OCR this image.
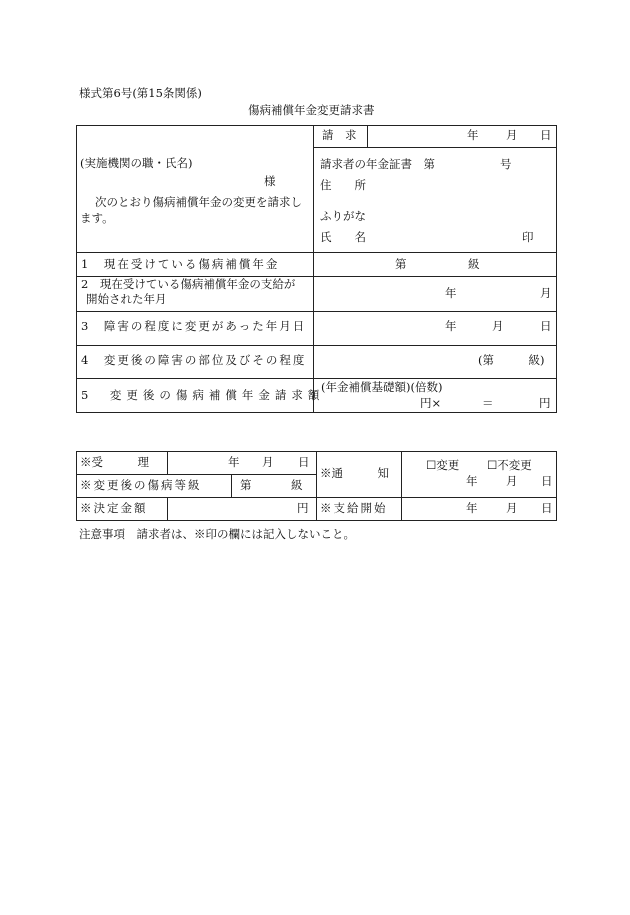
様式第6号(第15条関係)
傷病補償年金変更請求書
(実施機関の職・氏名)
様
次のとおり傷病補償年金の変更を請求し
ます。
請　求	年 月 日
請求者の年金証書　第	号
住　　所
ふりがな
氏　　名	印
1　現在受けている傷病補償年金	第	級
2　現在受けている傷病補償年金の支給が
開始された年月	年	月
3　障害の程度に変更があった年月日	年	月	日
4　変更後の障害の部位及びその程度	(第　　　級)
5　変更後の傷病補償年金請求額
(年金補償基礎額)(倍数)
円×	＝	円
※受　　　理	年 月 日
※変更後の傷病等級	第	級
※決定金額	円
※通　　　知
☐変更 ☐不変更
年 月 日
※支給開始	年 月 日
注意事項　請求者は、※印の欄には記入しないこと。
